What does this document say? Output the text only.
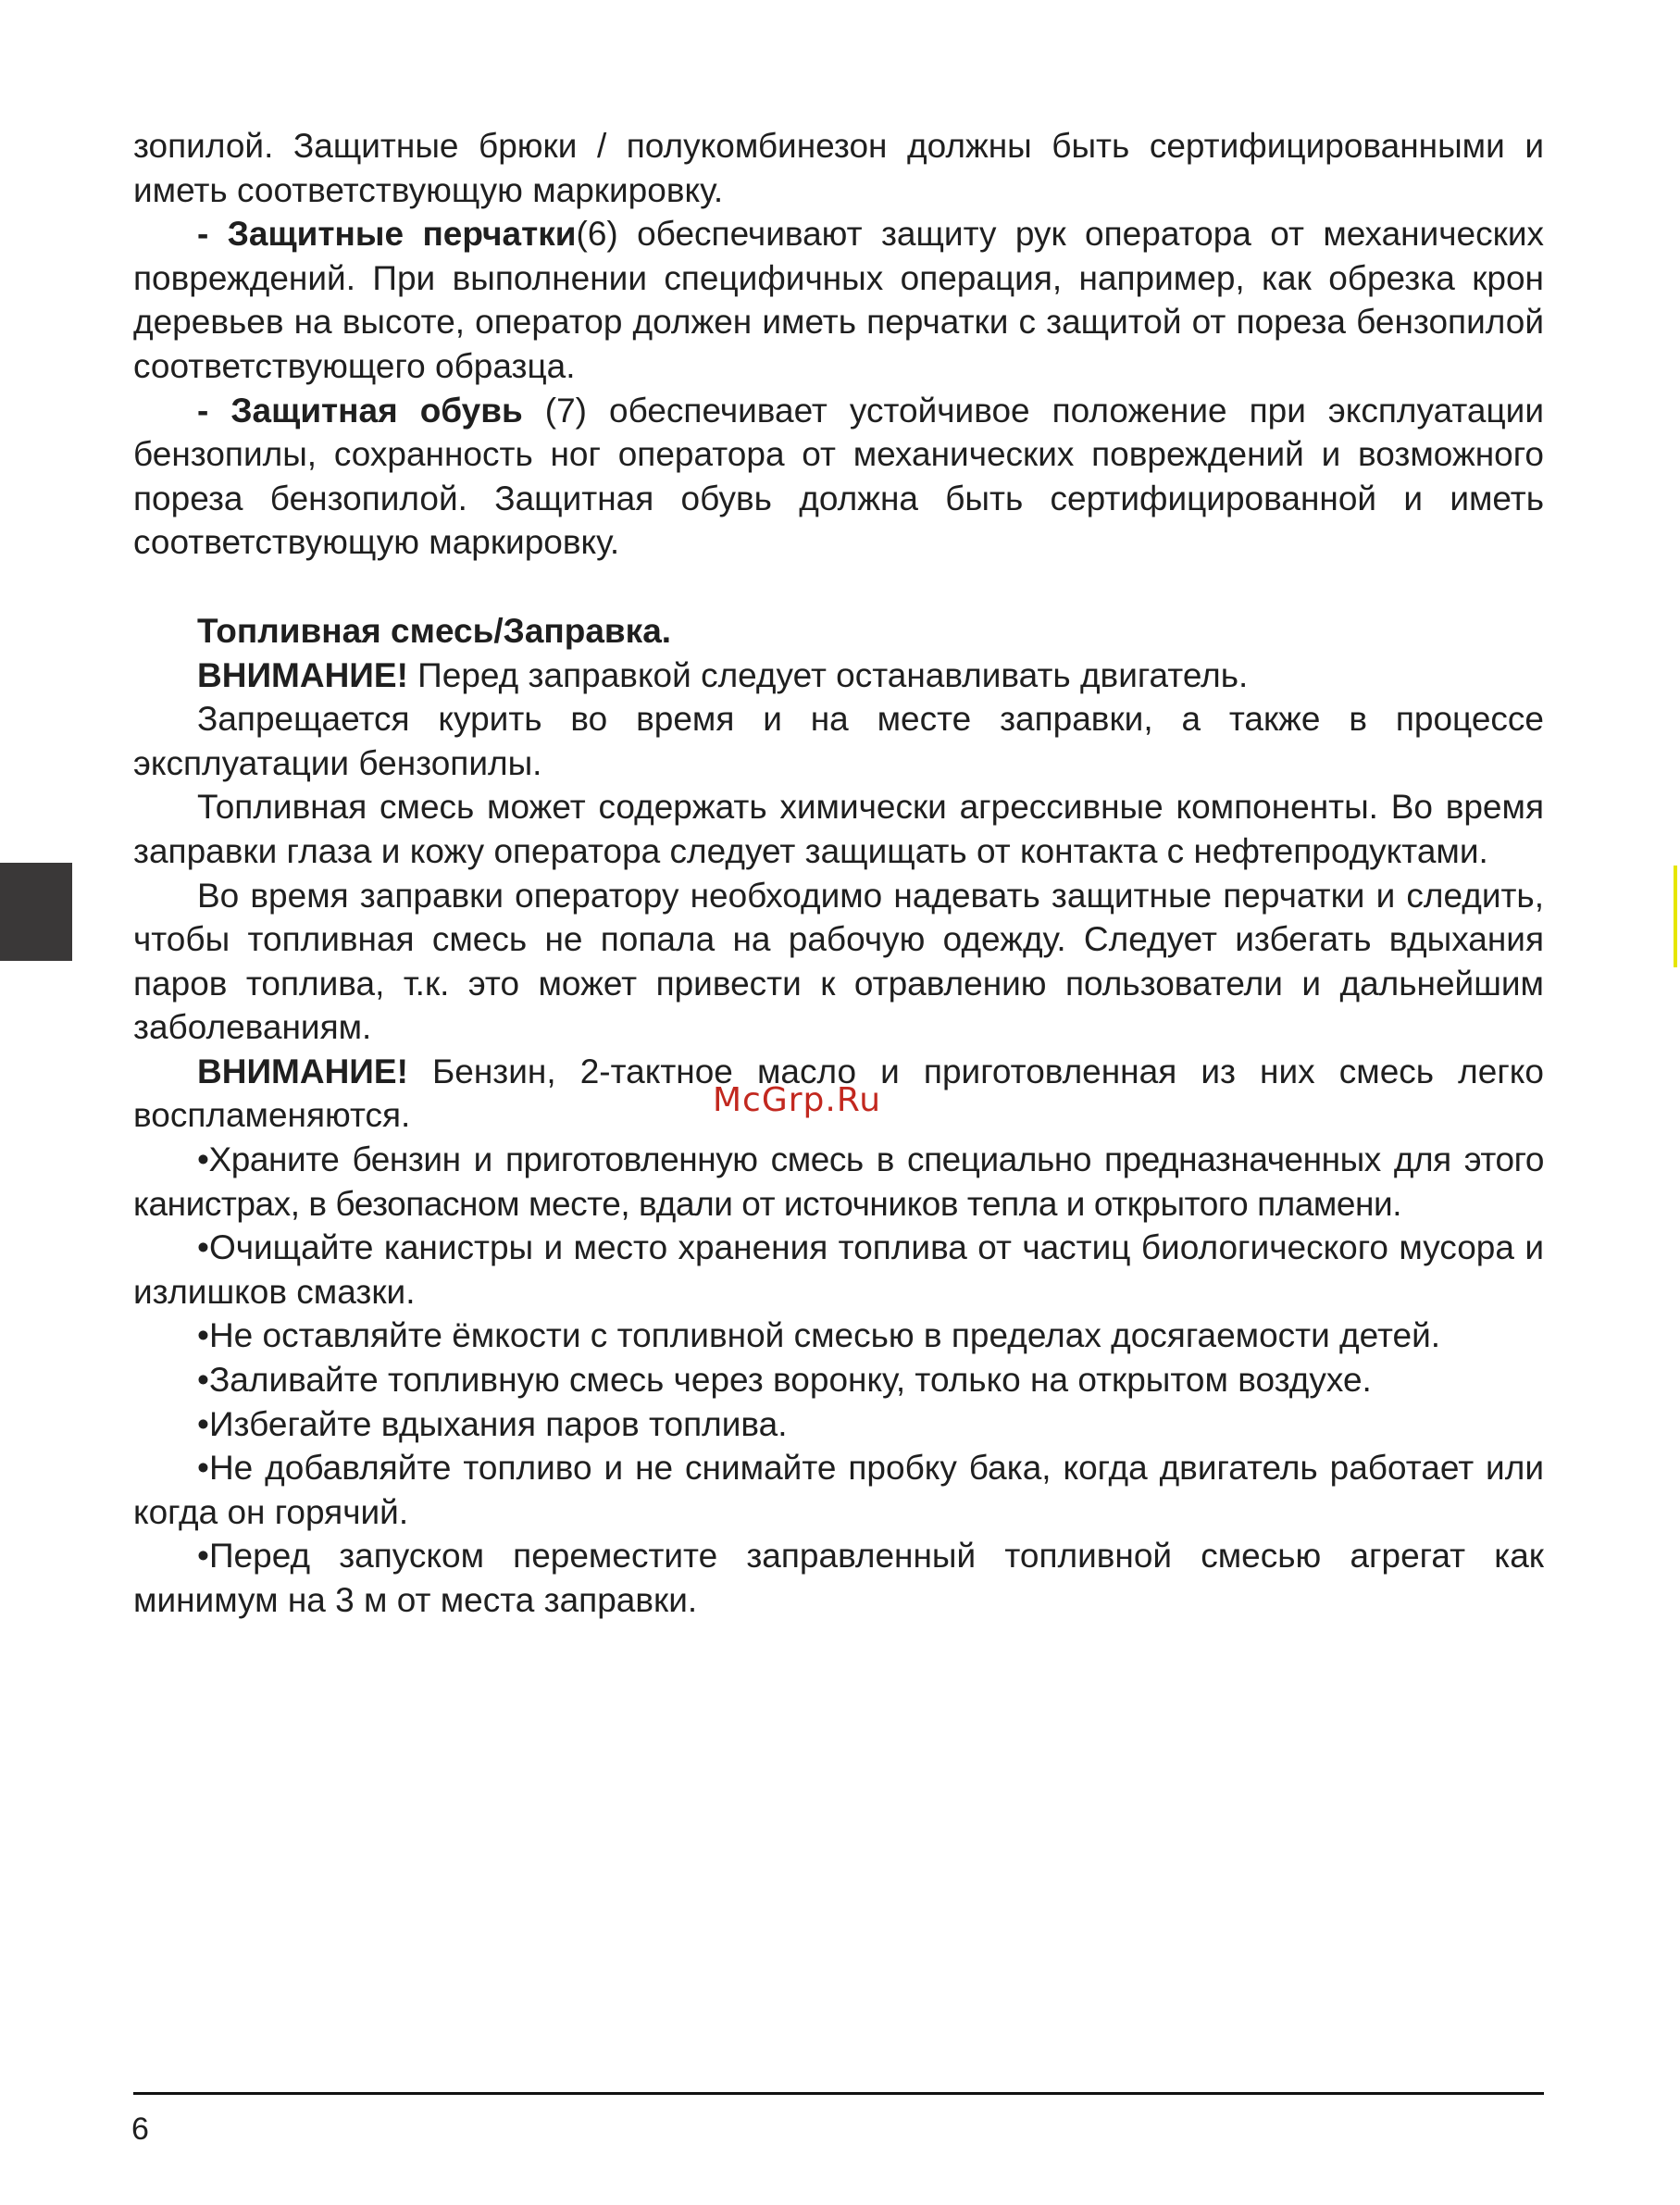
зопилой. Защитные брюки / полукомбинезон должны быть сертифицированными и иметь соответствующую маркировку.

- Защитные перчатки(6) обеспечивают защиту рук оператора от механических повреждений. При выполнении специфичных операция, например, как обрезка крон деревьев на высоте, оператор должен иметь перчатки с защитой от пореза бензопилой соответствующего образца.

- Защитная обувь (7) обеспечивает устойчивое положение при эксплуатации бензопилы, сохранность ног оператора от механических повреждений и возможного пореза бензопилой. Защитная обувь должна быть сертифицированной и иметь соответствующую маркировку.

Топливная смесь/Заправка.

ВНИМАНИЕ! Перед заправкой следует останавливать двигатель.

Запрещается курить во время и на месте заправки, а также в процессе эксплуатации бензопилы.

Топливная смесь может содержать химически агрессивные компоненты. Во время заправки глаза и кожу оператора следует защищать от контакта с нефтепродуктами.

Во время заправки оператору необходимо надевать защитные перчатки и следить, чтобы топливная смесь не попала на рабочую одежду. Следует избегать вдыхания паров топлива, т.к. это может привести к отравлению пользователи и дальнейшим заболеваниям.

ВНИМАНИЕ! Бензин, 2-тактное масло и приготовленная из них смесь легко воспламеняются.

•Храните бензин и приготовленную смесь в специально предназначенных для этого канистрах, в безопасном месте, вдали от источников тепла и открытого пламени.

•Очищайте канистры и место хранения топлива от частиц биологического мусора и излишков смазки.

•Не оставляйте ёмкости с топливной смесью в пределах досягаемости детей.

•Заливайте топливную смесь через воронку, только на открытом воздухе.

•Избегайте вдыхания паров топлива.

•Не добавляйте топливо и не снимайте пробку бака, когда двигатель работает или когда он горячий.

•Перед запуском переместите заправленный топливной смесью агрегат как минимум на 3 м от места заправки.

McGrp.Ru
6
